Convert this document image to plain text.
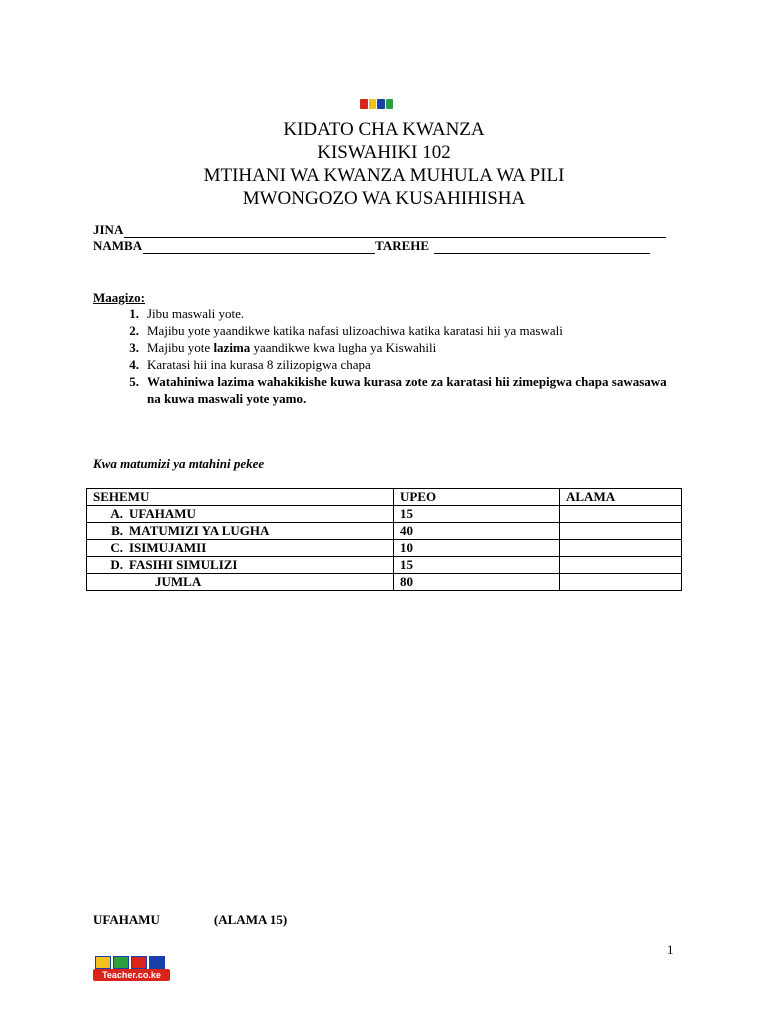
KIDATO CHA KWANZA
KISWAHIKI 102
MTIHANI WA KWANZA MUHULA WA PILI
MWONGOZO WA KUSAHIHISHA
JINA
NAMBA	TAREHE
Maagizo:
1. Jibu maswali yote.
2. Majibu yote yaandikwe katika nafasi ulizoachiwa katika karatasi hii ya maswali
3. Majibu yote lazima yaandikwe kwa lugha ya Kiswahili
4. Karatasi hii ina kurasa 8 zilizopigwa chapa
5. Watahiniwa lazima wahakikishe kuwa kurasa zote za karatasi hii zimepigwa chapa sawasawa na kuwa maswali yote yamo.
Kwa matumizi ya mtahini pekee
SEHEMU	UPEO	ALAMA
A. UFAHAMU	15	
B. MATUMIZI YA LUGHA	40	
C. ISIMUJAMII	10	
D. FASIHI SIMULIZI	15	
JUMLA	80	
UFAHAMU	(ALAMA 15)
1
Teacher.co.ke
